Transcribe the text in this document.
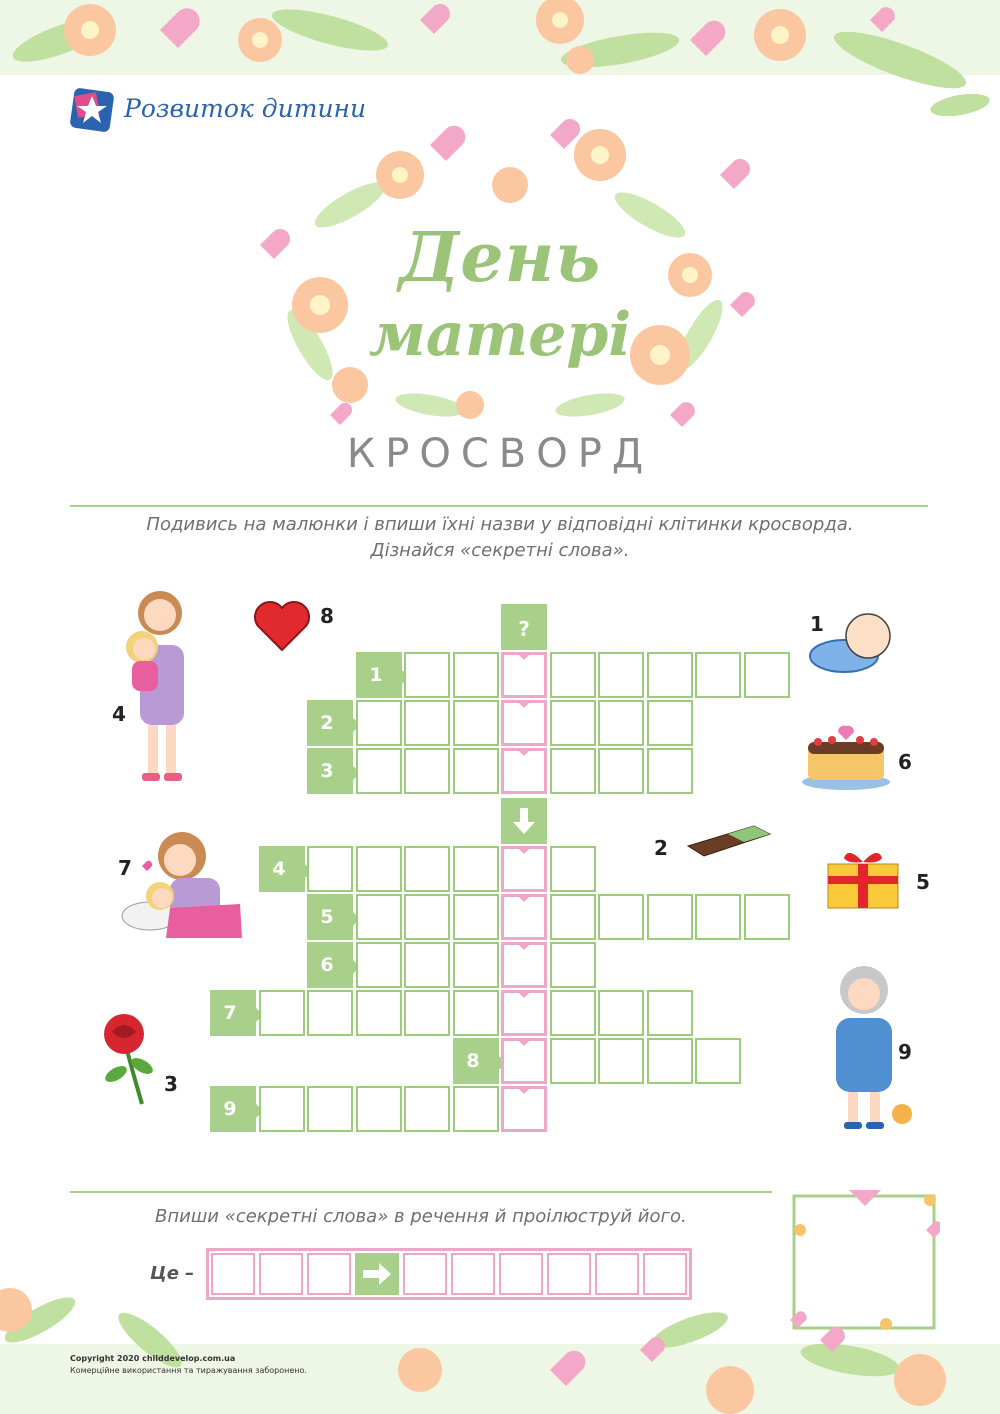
Розвиток дитини
КРОСВОРД
День
матері
Подивись на малюнки і впиши їхні назви у відповідні клітинки кросворда.
Дізнайся «секретні слова».
1
2
3
4
5
6
7
8
9
?
8
4
7
3
1
6
2
5
9
Впиши «секретні слова» в речення й проілюструй його.
Це –
Copyright 2020 childdevelop.com.ua
Комерційне використання та тиражування заборонено.
